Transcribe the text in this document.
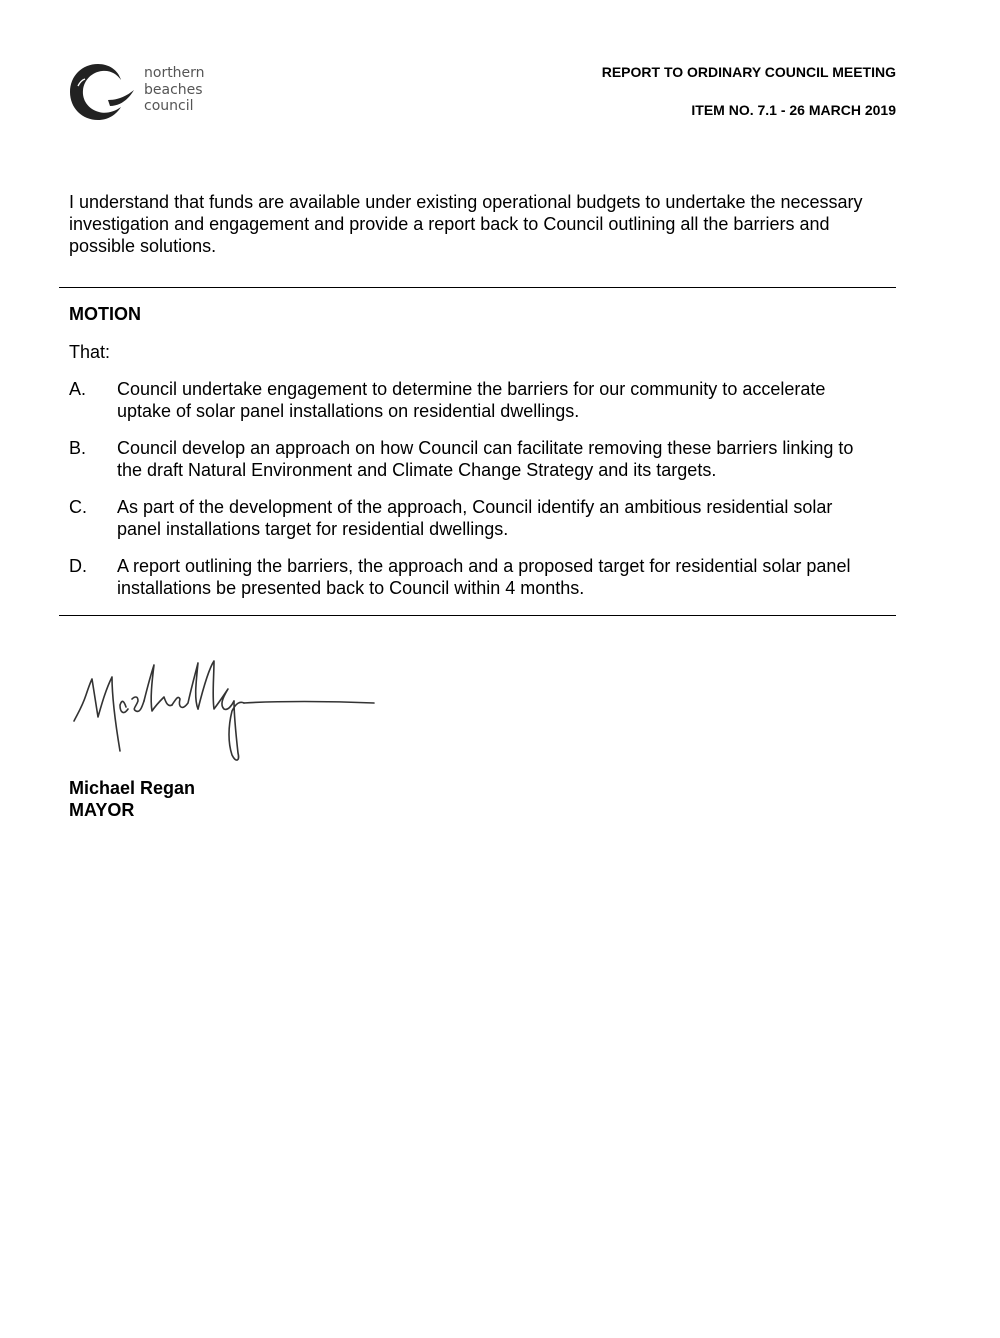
northern
beaches
council
REPORT TO ORDINARY COUNCIL MEETING
ITEM NO. 7.1 - 26 MARCH 2019

I understand that funds are available under existing operational budgets to undertake the necessary investigation and engagement and provide a report back to Council outlining all the barriers and possible solutions.

MOTION
That:
A.	Council undertake engagement to determine the barriers for our community to accelerate uptake of solar panel installations on residential dwellings.
B.	Council develop an approach on how Council can facilitate removing these barriers linking to the draft Natural Environment and Climate Change Strategy and its targets.
C.	As part of the development of the approach, Council identify an ambitious residential solar panel installations target for residential dwellings.
D.	A report outlining the barriers, the approach and a proposed target for residential solar panel installations be presented back to Council within 4 months.
Michael Regan
MAYOR
